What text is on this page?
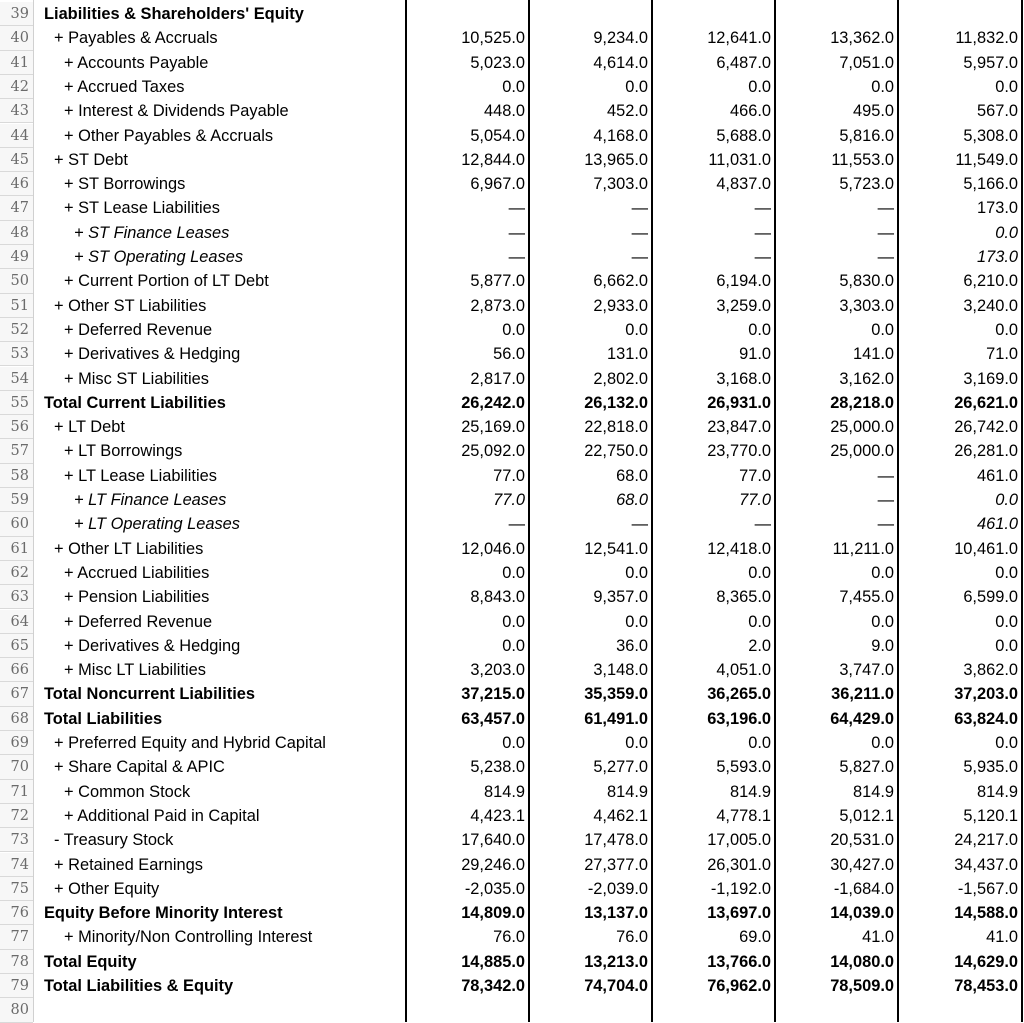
39 Liabilities & Shareholders' Equity
40 + Payables & Accruals	10,525.0	9,234.0	12,641.0	13,362.0	11,832.0
41 + Accounts Payable	5,023.0	4,614.0	6,487.0	7,051.0	5,957.0
42 + Accrued Taxes	0.0	0.0	0.0	0.0	0.0
43 + Interest & Dividends Payable	448.0	452.0	466.0	495.0	567.0
44 + Other Payables & Accruals	5,054.0	4,168.0	5,688.0	5,816.0	5,308.0
45 + ST Debt	12,844.0	13,965.0	11,031.0	11,553.0	11,549.0
46 + ST Borrowings	6,967.0	7,303.0	4,837.0	5,723.0	5,166.0
47 + ST Lease Liabilities	—	—	—	—	173.0
48	+ ST Finance Leases	—	—	—	—	0.0
49	+ ST Operating Leases	—	—	—	—	173.0
50 + Current Portion of LT Debt	5,877.0	6,662.0	6,194.0	5,830.0	6,210.0
51 + Other ST Liabilities	2,873.0	2,933.0	3,259.0	3,303.0	3,240.0
52 + Deferred Revenue	0.0	0.0	0.0	0.0	0.0
53 + Derivatives & Hedging	56.0	131.0	91.0	141.0	71.0
54 + Misc ST Liabilities	2,817.0	2,802.0	3,168.0	3,162.0	3,169.0
55 Total Current Liabilities	26,242.0	26,132.0	26,931.0	28,218.0	26,621.0
56 + LT Debt	25,169.0	22,818.0	23,847.0	25,000.0	26,742.0
57 + LT Borrowings	25,092.0	22,750.0	23,770.0	25,000.0	26,281.0
58 + LT Lease Liabilities	77.0	68.0	77.0	—	461.0
59	+ LT Finance Leases	77.0	68.0	77.0	—	0.0
60	+ LT Operating Leases	—	—	—	—	461.0
61 + Other LT Liabilities	12,046.0	12,541.0	12,418.0	11,211.0	10,461.0
62 + Accrued Liabilities	0.0	0.0	0.0	0.0	0.0
63 + Pension Liabilities	8,843.0	9,357.0	8,365.0	7,455.0	6,599.0
64 + Deferred Revenue	0.0	0.0	0.0	0.0	0.0
65 + Derivatives & Hedging	0.0	36.0	2.0	9.0	0.0
66 + Misc LT Liabilities	3,203.0	3,148.0	4,051.0	3,747.0	3,862.0
67 Total Noncurrent Liabilities	37,215.0	35,359.0	36,265.0	36,211.0	37,203.0
68 Total Liabilities	63,457.0	61,491.0	63,196.0	64,429.0	63,824.0
69 + Preferred Equity and Hybrid Capital	0.0	0.0	0.0	0.0	0.0
70 + Share Capital & APIC	5,238.0	5,277.0	5,593.0	5,827.0	5,935.0
71 + Common Stock	814.9	814.9	814.9	814.9	814.9
72 + Additional Paid in Capital	4,423.1	4,462.1	4,778.1	5,012.1	5,120.1
73 - Treasury Stock	17,640.0	17,478.0	17,005.0	20,531.0	24,217.0
74 + Retained Earnings	29,246.0	27,377.0	26,301.0	30,427.0	34,437.0
75 + Other Equity	-2,035.0	-2,039.0	-1,192.0	-1,684.0	-1,567.0
76 Equity Before Minority Interest	14,809.0	13,137.0	13,697.0	14,039.0	14,588.0
77 + Minority/Non Controlling Interest	76.0	76.0	69.0	41.0	41.0
78 Total Equity	14,885.0	13,213.0	13,766.0	14,080.0	14,629.0
79 Total Liabilities & Equity	78,342.0	74,704.0	76,962.0	78,509.0	78,453.0
80
